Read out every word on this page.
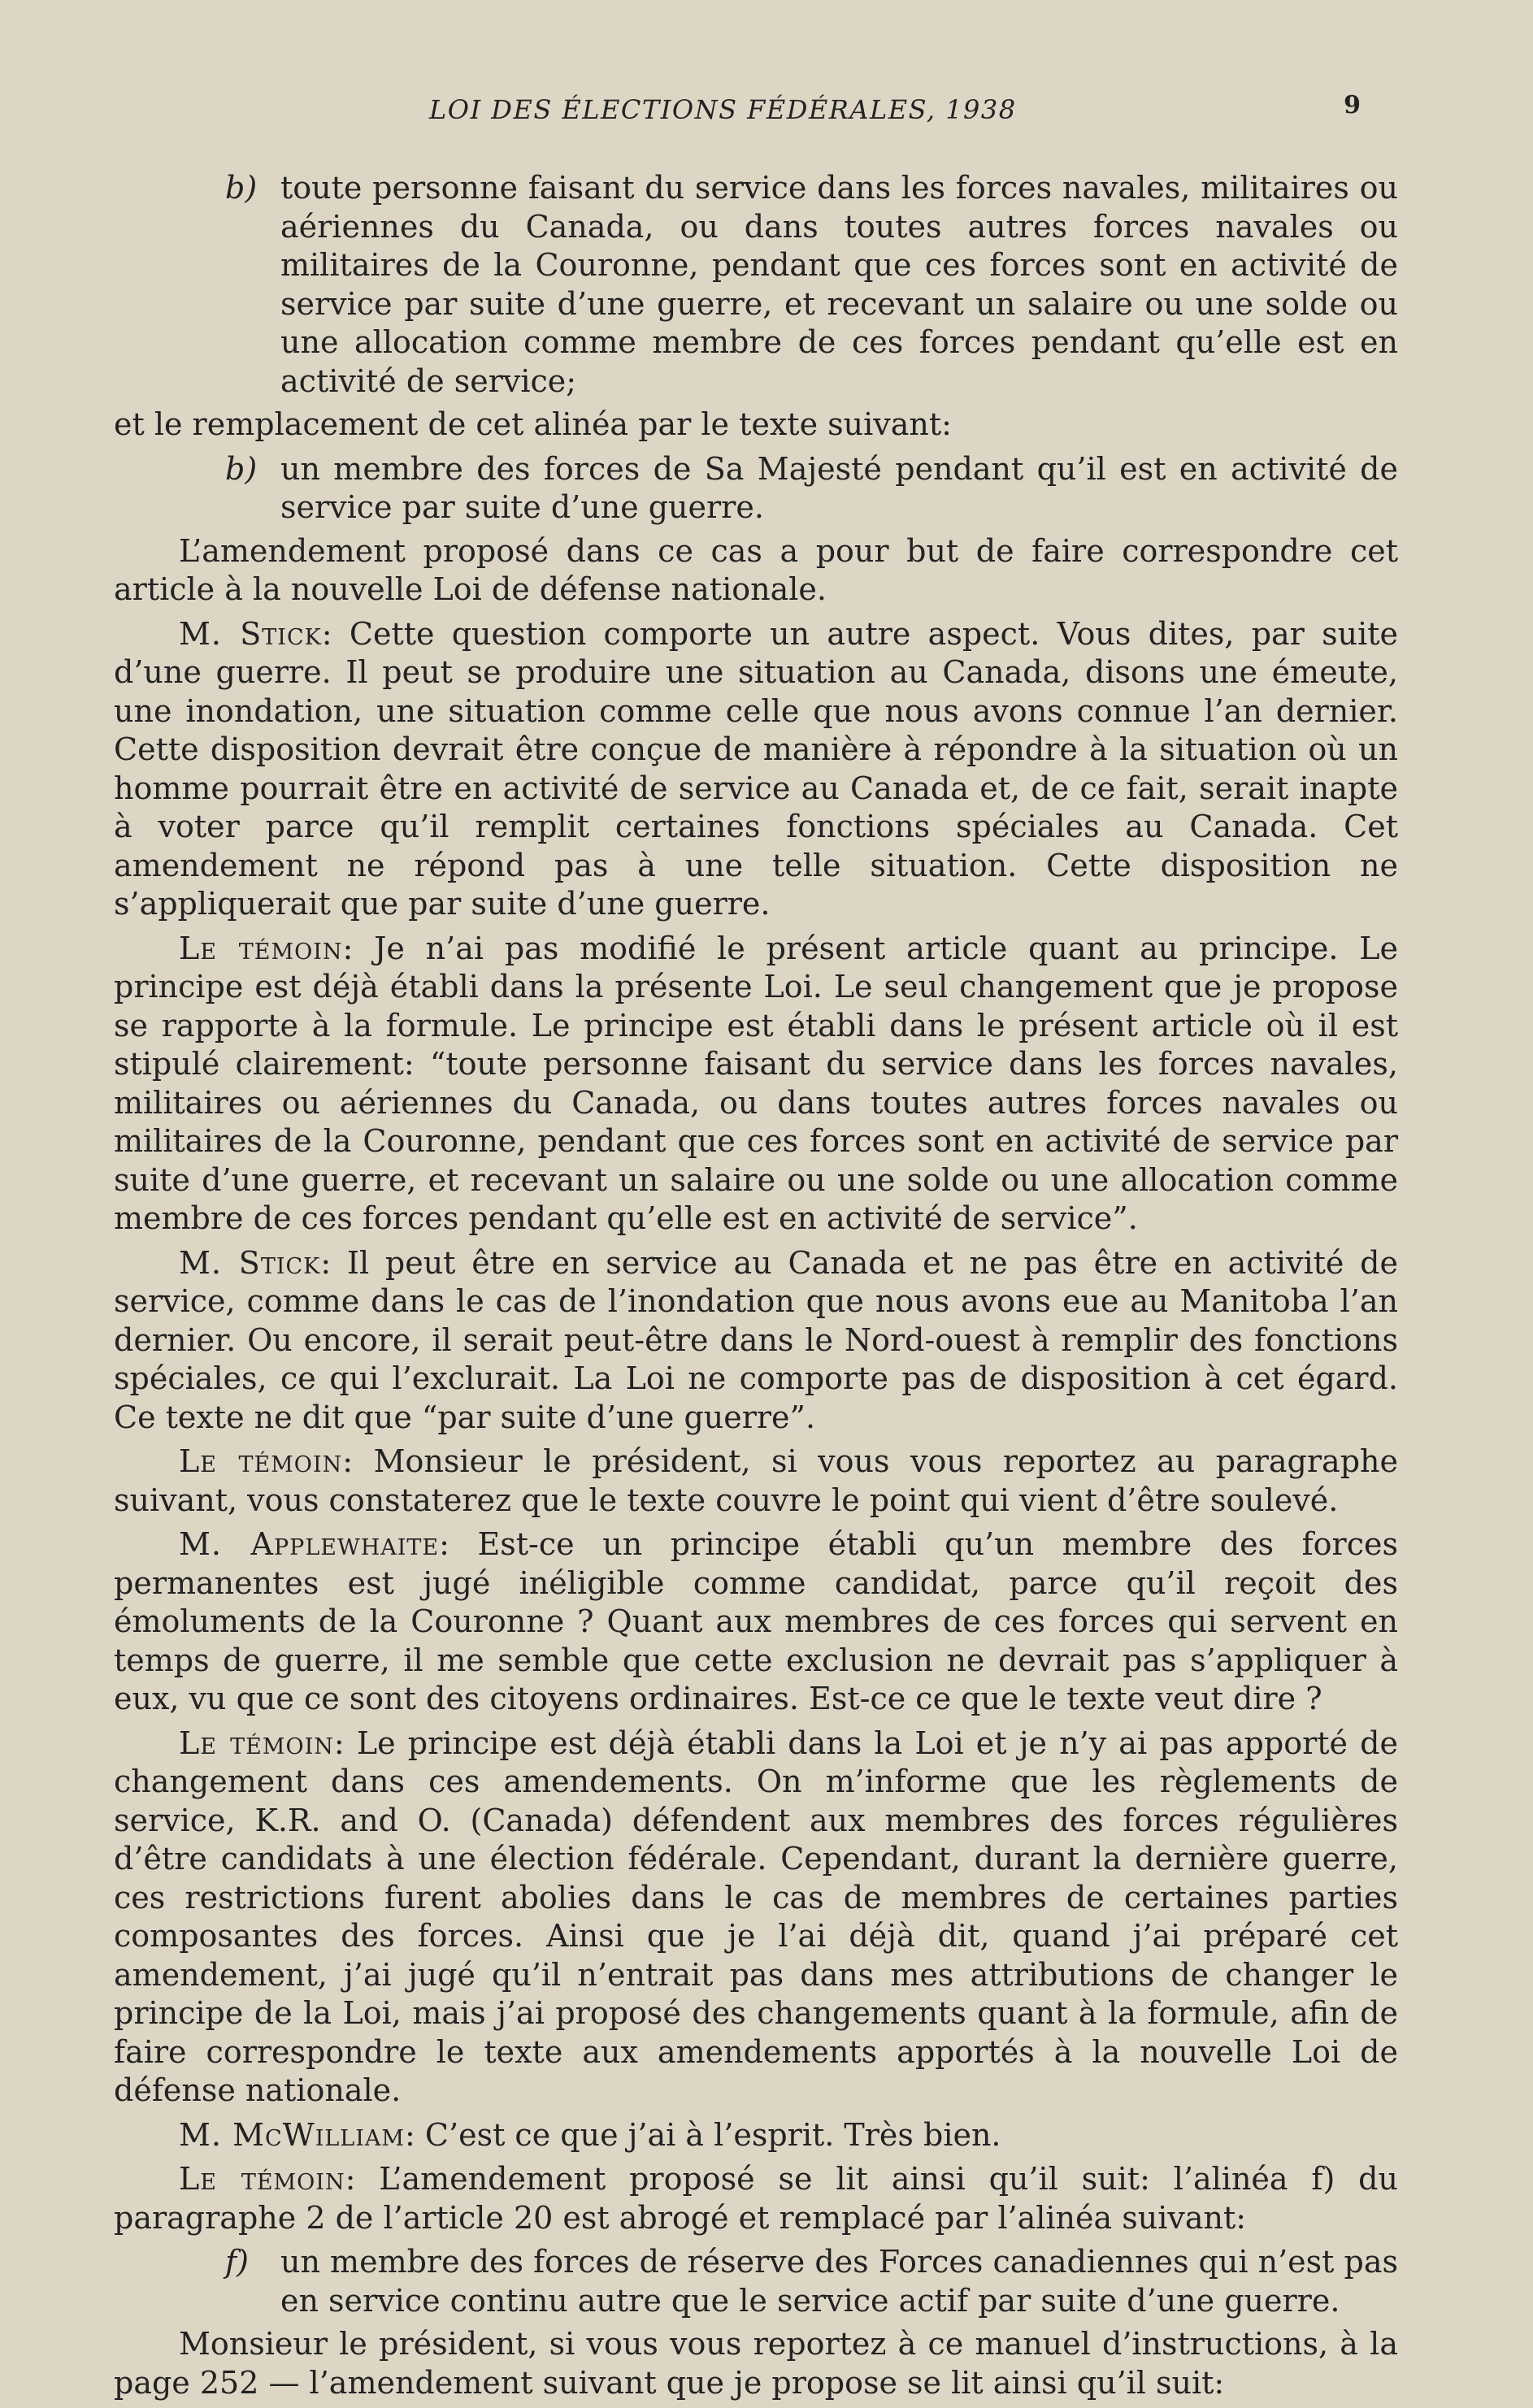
LOI DES ÉLECTIONS FÉDÉRALES, 1938	9
b) toute personne faisant du service dans les forces navales, militaires ou aériennes du Canada, ou dans toutes autres forces navales ou militaires de la Couronne, pendant que ces forces sont en activité de service par suite d’une guerre, et recevant un salaire ou une solde ou une allocation comme membre de ces forces pendant qu’elle est en activité de service;

et le remplacement de cet alinéa par le texte suivant:

b) un membre des forces de Sa Majesté pendant qu’il est en activité de service par suite d’une guerre.

L’amendement proposé dans ce cas a pour but de faire correspondre cet article à la nouvelle Loi de défense nationale.

M. Stick: Cette question comporte un autre aspect. Vous dites, par suite d’une guerre. Il peut se produire une situation au Canada, disons une émeute, une inondation, une situation comme celle que nous avons connue l’an dernier. Cette disposition devrait être conçue de manière à répondre à la situation où un homme pourrait être en activité de service au Canada et, de ce fait, serait inapte à voter parce qu’il remplit certaines fonctions spéciales au Canada. Cet amendement ne répond pas à une telle situation. Cette disposition ne s’appliquerait que par suite d’une guerre.

Le témoin: Je n’ai pas modifié le présent article quant au principe. Le principe est déjà établi dans la présente Loi. Le seul changement que je propose se rapporte à la formule. Le principe est établi dans le présent article où il est stipulé clairement: “toute personne faisant du service dans les forces navales, militaires ou aériennes du Canada, ou dans toutes autres forces navales ou militaires de la Couronne, pendant que ces forces sont en activité de service par suite d’une guerre, et recevant un salaire ou une solde ou une allocation comme membre de ces forces pendant qu’elle est en activité de service”.

M. Stick: Il peut être en service au Canada et ne pas être en activité de service, comme dans le cas de l’inondation que nous avons eue au Manitoba l’an dernier. Ou encore, il serait peut-être dans le Nord-ouest à remplir des fonctions spéciales, ce qui l’exclurait. La Loi ne comporte pas de disposition à cet égard. Ce texte ne dit que “par suite d’une guerre”.

Le témoin: Monsieur le président, si vous vous reportez au paragraphe suivant, vous constaterez que le texte couvre le point qui vient d’être soulevé.

M. Applewhaite: Est-ce un principe établi qu’un membre des forces permanentes est jugé inéligible comme candidat, parce qu’il reçoit des émoluments de la Couronne ? Quant aux membres de ces forces qui servent en temps de guerre, il me semble que cette exclusion ne devrait pas s’appliquer à eux, vu que ce sont des citoyens ordinaires. Est-ce ce que le texte veut dire ?

Le témoin: Le principe est déjà établi dans la Loi et je n’y ai pas apporté de changement dans ces amendements. On m’informe que les règlements de service, K.R. and O. (Canada) défendent aux membres des forces régulières d’être candidats à une élection fédérale. Cependant, durant la dernière guerre, ces restrictions furent abolies dans le cas de membres de certaines parties composantes des forces. Ainsi que je l’ai déjà dit, quand j’ai préparé cet amendement, j’ai jugé qu’il n’entrait pas dans mes attributions de changer le principe de la Loi, mais j’ai proposé des changements quant à la formule, afin de faire correspondre le texte aux amendements apportés à la nouvelle Loi de défense nationale.

M. McWilliam: C’est ce que j’ai à l’esprit. Très bien.

Le témoin: L’amendement proposé se lit ainsi qu’il suit: l’alinéa f) du paragraphe 2 de l’article 20 est abrogé et remplacé par l’alinéa suivant:

f) un membre des forces de réserve des Forces canadiennes qui n’est pas en service continu autre que le service actif par suite d’une guerre.

Monsieur le président, si vous vous reportez à ce manuel d’instructions, à la page 252 — l’amendement suivant que je propose se lit ainsi qu’il suit:
